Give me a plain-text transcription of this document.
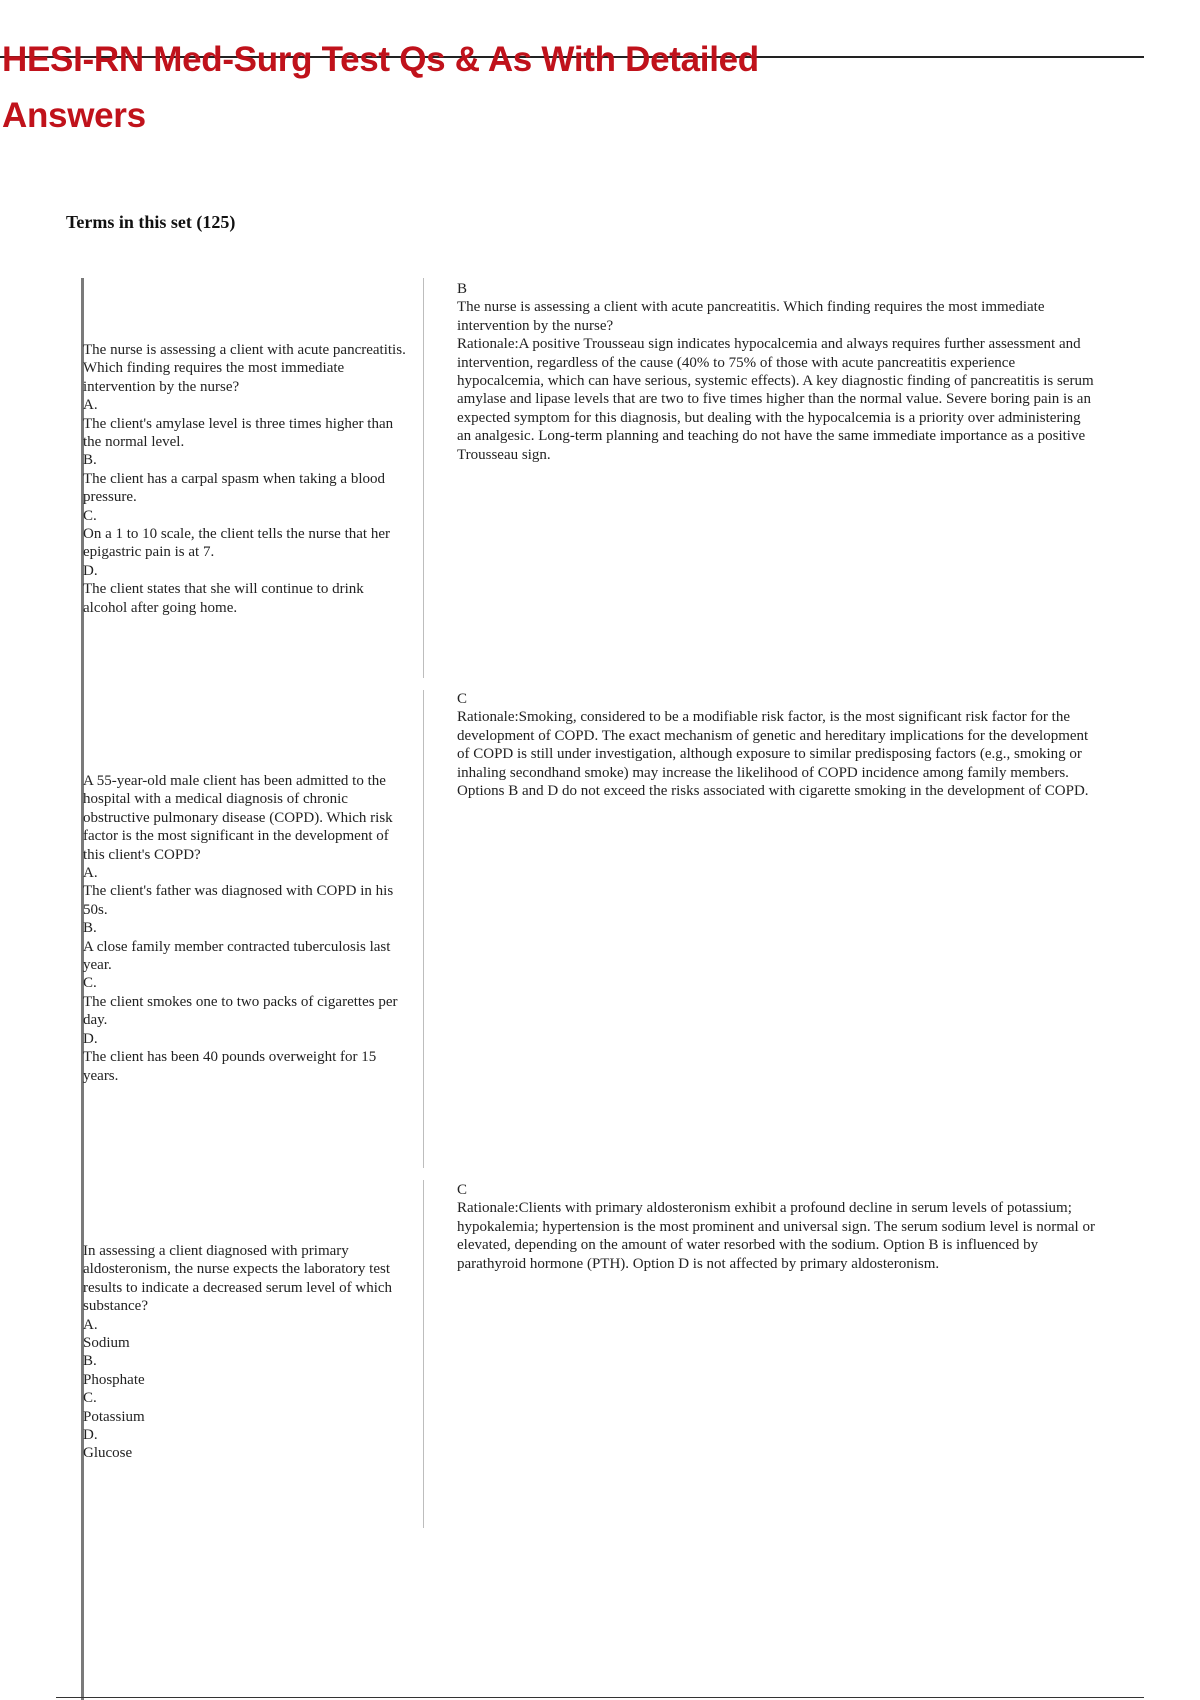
HESI-RN Med-Surg Test Qs & As With Detailed
Answers
Terms in this set (125)

The nurse is assessing a client with acute pancreatitis. Which finding requires the most immediate intervention by the nurse?

A.

The client's amylase level is three times higher than the normal level.

B.

The client has a carpal spasm when taking a blood pressure.

C.

On a 1 to 10 scale, the client tells the nurse that her epigastric pain is at 7.

D.

The client states that she will continue to drink alcohol after going home.

B

The nurse is assessing a client with acute pancreatitis. Which finding requires the most immediate intervention by the nurse?

Rationale:A positive Trousseau sign indicates hypocalcemia and always requires further assessment and intervention, regardless of the cause (40% to 75% of those with acute pancreatitis experience hypocalcemia, which can have serious, systemic effects). A key diagnostic finding of pancreatitis is serum amylase and lipase levels that are two to five times higher than the normal value. Severe boring pain is an expected symptom for this diagnosis, but dealing with the hypocalcemia is a priority over administering an analgesic. Long-term planning and teaching do not have the same immediate importance as a positive Trousseau sign.

A 55-year-old male client has been admitted to the hospital with a medical diagnosis of chronic obstructive pulmonary disease (COPD). Which risk factor is the most significant in the development of this client's COPD?

A.

The client's father was diagnosed with COPD in his 50s.

B.

A close family member contracted tuberculosis last year.

C.

The client smokes one to two packs of cigarettes per day.

D.

The client has been 40 pounds overweight for 15 years.

C

Rationale:Smoking, considered to be a modifiable risk factor, is the most significant risk factor for the development of COPD. The exact mechanism of genetic and hereditary implications for the development of COPD is still under investigation, although exposure to similar predisposing factors (e.g., smoking or inhaling secondhand smoke) may increase the likelihood of COPD incidence among family members. Options B and D do not exceed the risks associated with cigarette smoking in the development of COPD.

In assessing a client diagnosed with primary aldosteronism, the nurse expects the laboratory test results to indicate a decreased serum level of which substance?

A.

Sodium

B.

Phosphate

C.

Potassium

D.

Glucose

C

Rationale:Clients with primary aldosteronism exhibit a profound decline in serum levels of potassium; hypokalemia; hypertension is the most prominent and universal sign. The serum sodium level is normal or elevated, depending on the amount of water resorbed with the sodium. Option B is influenced by parathyroid hormone (PTH). Option D is not affected by primary aldosteronism.
